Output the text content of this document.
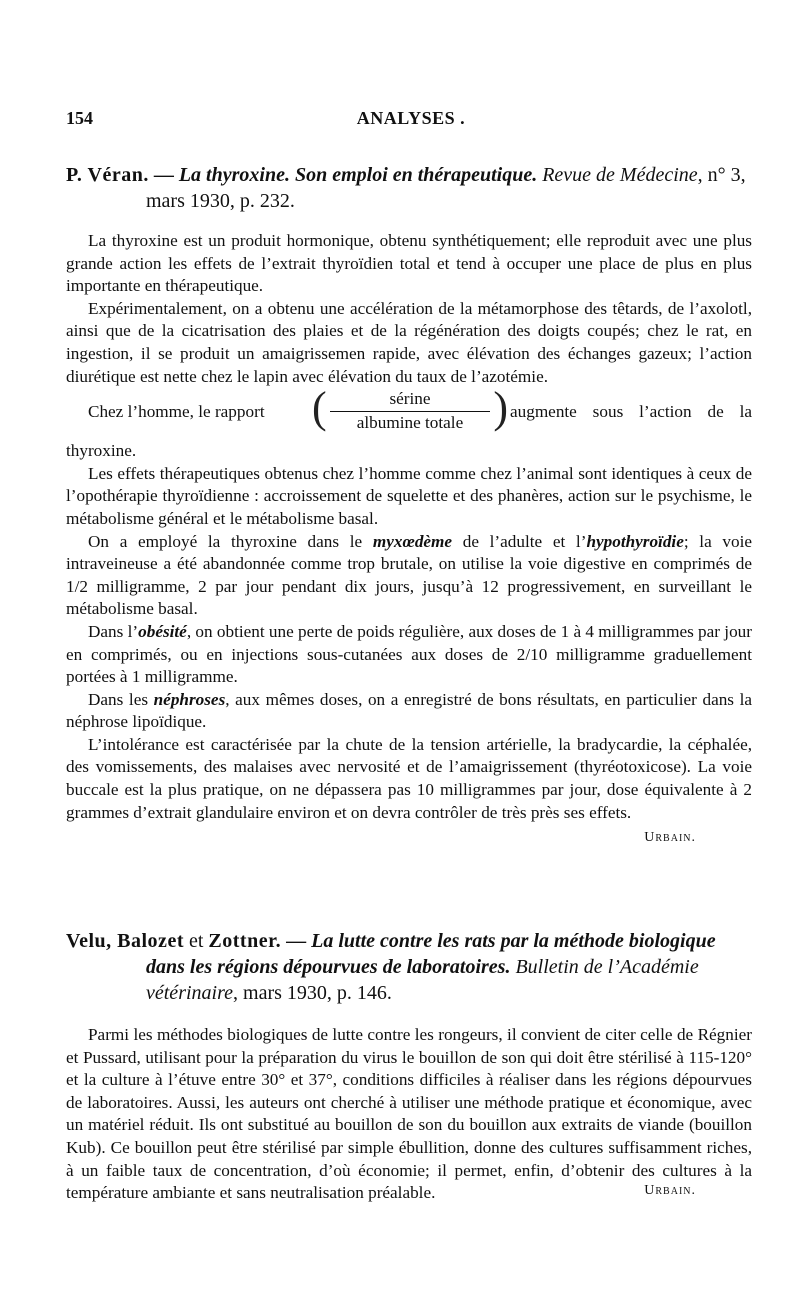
154	ANALYSES .

P. Véran. — La thyroxine. Son emploi en thérapeutique. Revue de Médecine, n° 3, mars 1930, p. 232.

La thyroxine est un produit hormonique, obtenu synthétiquement; elle reproduit avec une plus grande action les effets de l’extrait thyroïdien total et tend à occuper une place de plus en plus importante en thérapeutique.

Expérimentalement, on a obtenu une accélération de la métamorphose des têtards, de l’axolotl, ainsi que de la cicatrisation des plaies et de la régénération des doigts coupés; chez le rat, en ingestion, il se produit un amaigrissemen rapide, avec élévation des échanges gazeux; l’action diurétique est nette chez le lapin avec élévation du taux de l’azotémie.

Chez l’homme, le rapport (	sérine
albumine totale ) augmente sous l’action de la

thyroxine.

Les effets thérapeutiques obtenus chez l’homme comme chez l’animal sont identiques à ceux de l’opothérapie thyroïdienne : accroissement de squelette et des phanères, action sur le psychisme, le métabolisme général et le métabolisme basal.

On a employé la thyroxine dans le myxœdème de l’adulte et l’hypothyroïdie; la voie intraveineuse a été abandonnée comme trop brutale, on utilise la voie digestive en comprimés de 1/2 milligramme, 2 par jour pendant dix jours, jusqu’à 12 progressivement, en surveillant le métabolisme basal.

Dans l’obésité, on obtient une perte de poids régulière, aux doses de 1 à 4 milligrammes par jour en comprimés, ou en injections sous-cutanées aux doses de 2/10 milligramme graduellement portées à 1 milligramme.

Dans les néphroses, aux mêmes doses, on a enregistré de bons résultats, en particulier dans la néphrose lipoïdique.

L’intolérance est caractérisée par la chute de la tension artérielle, la bradycardie, la céphalée, des vomissements, des malaises avec nervosité et de l’amaigrissement (thyréotoxicose). La voie buccale est la plus pratique, on ne dépassera pas 10 milligrammes par jour, dose équivalente à 2 grammes d’extrait glandulaire environ et on devra contrôler de très près ses effets.

Urbain.

Velu, Balozet et Zottner. — La lutte contre les rats par la méthode biologique dans les régions dépourvues de laboratoires. Bulletin de l’Académie vétérinaire, mars 1930, p. 146.

Parmi les méthodes biologiques de lutte contre les rongeurs, il convient de citer celle de Régnier et Pussard, utilisant pour la préparation du virus le bouillon de son qui doit être stérilisé à 115-120° et la culture à l’étuve entre 30° et 37°, conditions difficiles à réaliser dans les régions dépourvues de laboratoires. Aussi, les auteurs ont cherché à utiliser une méthode pratique et économique, avec un matériel réduit. Ils ont substitué au bouillon de son du bouillon aux extraits de viande (bouillon Kub). Ce bouillon peut être stérilisé par simple ébullition, donne des cultures suffisamment riches, à un faible taux de concentration, d’où économie; il permet, enfin, d’obtenir des cultures à la température ambiante et sans neutralisation préalable.	Urbain.
